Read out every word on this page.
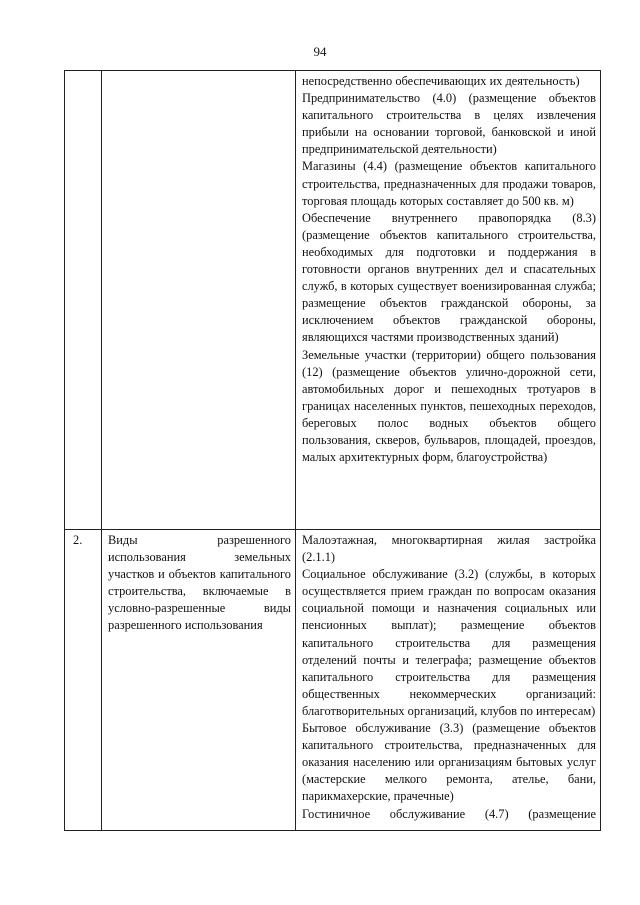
94

		непосредственно обеспечивающих их деятельность)

Предпринимательство (4.0) (размещение объектов капитального строительства в целях извлечения прибыли на основании торговой, банковской и иной предпринимательской деятельности)

Магазины (4.4) (размещение объектов капитального строительства, предназначенных для продажи товаров, торговая площадь которых составляет до 500 кв. м)

Обеспечение внутреннего правопорядка (8.3) (размещение объектов капитального строительства, необходимых для подготовки и поддержания в готовности органов внутренних дел и спасательных служб, в которых существует военизированная служба; размещение объектов гражданской обороны, за исключением объектов гражданской обороны, являющихся частями производственных зданий)

Земельные участки (территории) общего пользования (12) (размещение объектов улично-дорожной сети, автомобильных дорог и пешеходных тротуаров в границах населенных пунктов, пешеходных переходов, береговых полос водных объектов общего пользования, скверов, бульваров, площадей, проездов, малых архитектурных форм, благоустройства)

2.	Виды разрешенного использования земельных участков и объектов капитального строительства, включаемые в условно-разрешенные виды разрешенного использования	Малоэтажная, многоквартирная жилая застройка (2.1.1)

Социальное обслуживание (3.2) (службы, в которых осуществляется прием граждан по вопросам оказания социальной помощи и назначения социальных или пенсионных выплат); размещение объектов капитального строительства для размещения отделений почты и телеграфа; размещение объектов капитального строительства для размещения общественных некоммерческих организаций: благотворительных организаций, клубов по интересам)

Бытовое обслуживание (3.3) (размещение объектов капитального строительства, предназначенных для оказания населению или организациям бытовых услуг (мастерские мелкого ремонта, ателье, бани, парикмахерские, прачечные)

Гостиничное обслуживание (4.7) (размещение
